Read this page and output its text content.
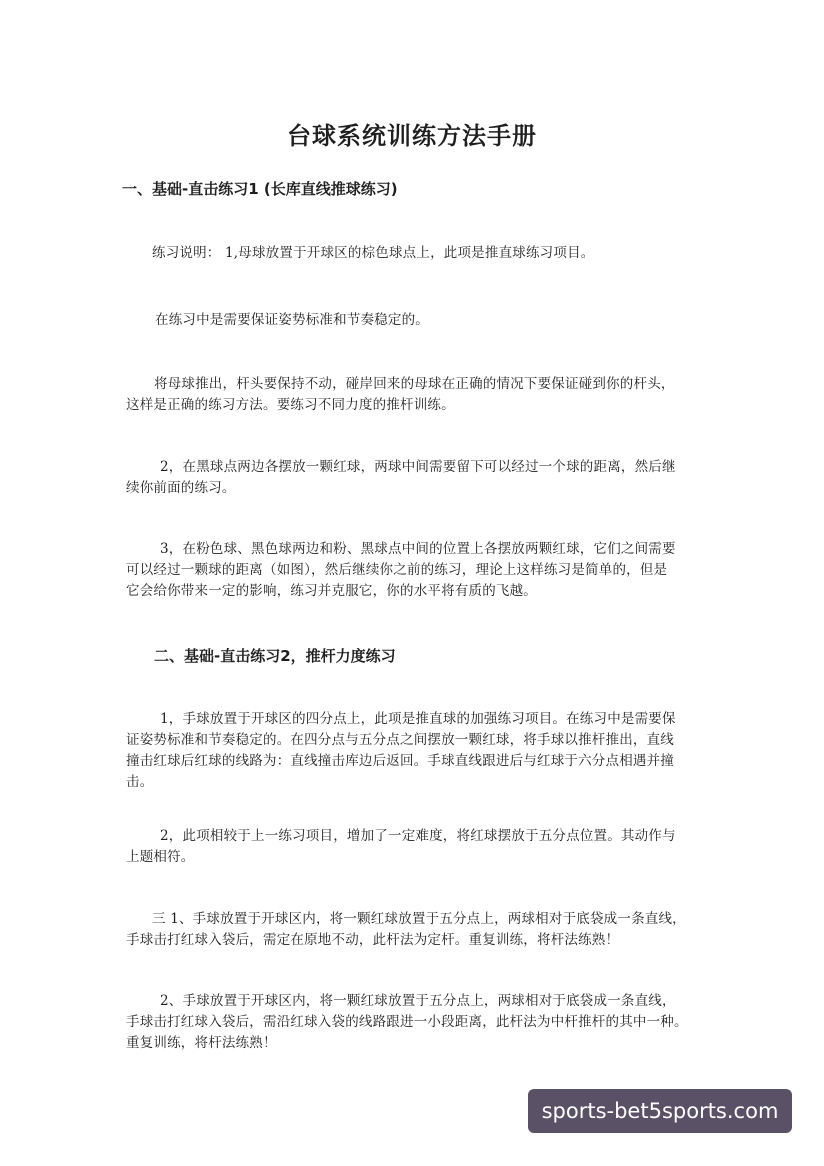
台球系统训练方法手册
一、基础-直击练习1 (长库直线推球练习)
练习说明： 1,母球放置于开球区的棕色球点上，此项是推直球练习项目。
在练习中是需要保证姿势标准和节奏稳定的。
将母球推出，杆头要保持不动，碰岸回来的母球在正确的情况下要保证碰到你的杆头，
这样是正确的练习方法。要练习不同力度的推杆训练。
2，在黑球点两边各摆放一颗红球，两球中间需要留下可以经过一个球的距离，然后继
续你前面的练习。
3，在粉色球、黑色球两边和粉、黑球点中间的位置上各摆放两颗红球，它们之间需要
可以经过一颗球的距离（如图），然后继续你之前的练习，理论上这样练习是简单的，但是
它会给你带来一定的影响，练习并克服它，你的水平将有质的飞越。
二、基础-直击练习2，推杆力度练习
1，手球放置于开球区的四分点上，此项是推直球的加强练习项目。在练习中是需要保
证姿势标准和节奏稳定的。在四分点与五分点之间摆放一颗红球，将手球以推杆推出，直线
撞击红球后红球的线路为：直线撞击库边后返回。手球直线跟进后与红球于六分点相遇并撞
击。
2，此项相较于上一练习项目，增加了一定难度，将红球摆放于五分点位置。其动作与
上题相符。
三 1、手球放置于开球区内，将一颗红球放置于五分点上，两球相对于底袋成一条直线，
手球击打红球入袋后，需定在原地不动，此杆法为定杆。重复训练，将杆法练熟！
2、手球放置于开球区内，将一颗红球放置于五分点上，两球相对于底袋成一条直线，
手球击打红球入袋后，需沿红球入袋的线路跟进一小段距离，此杆法为中杆推杆的其中一种。
重复训练，将杆法练熟！
sports-bet5sports.com
